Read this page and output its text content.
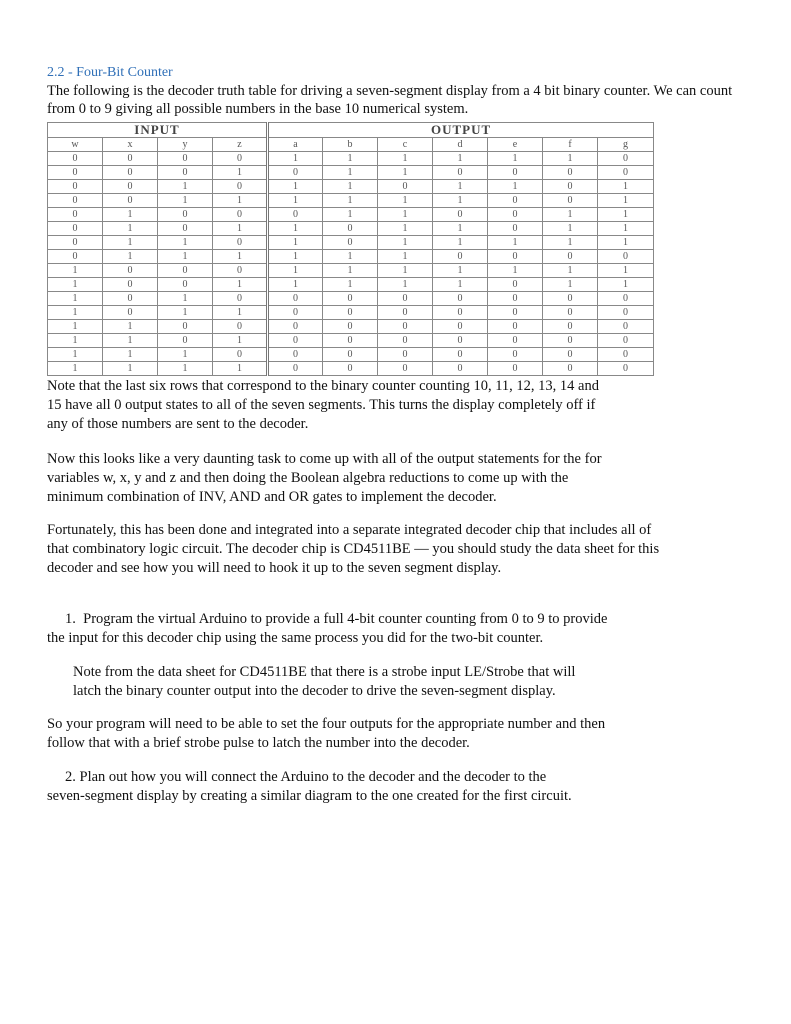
2.2 - Four-Bit Counter

The following is the decoder truth table for driving a seven-segment display from a 4 bit binary counter. We can count from 0 to 9 giving all possible numbers in the base 10 numerical system.

INPUT				OUTPUT						
w	x	y	z	a	b	c	d	e	f	g
0	0	0	0	1	1	1	1	1	1	0
0	0	0	1	0	1	1	0	0	0	0
0	0	1	0	1	1	0	1	1	0	1
0	0	1	1	1	1	1	1	0	0	1
0	1	0	0	0	1	1	0	0	1	1
0	1	0	1	1	0	1	1	0	1	1
0	1	1	0	1	0	1	1	1	1	1
0	1	1	1	1	1	1	0	0	0	0
1	0	0	0	1	1	1	1	1	1	1
1	0	0	1	1	1	1	1	0	1	1
1	0	1	0	0	0	0	0	0	0	0
1	0	1	1	0	0	0	0	0	0	0
1	1	0	0	0	0	0	0	0	0	0
1	1	0	1	0	0	0	0	0	0	0
1	1	1	0	0	0	0	0	0	0	0
1	1	1	1	0	0	0	0	0	0	0

Note that the last six rows that correspond to the binary counter counting 10, 11, 12, 13, 14 and 15 have all 0 output states to all of the seven segments. This turns the display completely off if any of those numbers are sent to the decoder.

Now this looks like a very daunting task to come up with all of the output statements for the for variables w, x, y and z and then doing the Boolean algebra reductions to come up with the minimum combination of INV, AND and OR gates to implement the decoder.

Fortunately, this has been done and integrated into a separate integrated decoder chip that includes all of that combinatory logic circuit. The decoder chip is CD4511BE — you should study the data sheet for this decoder and see how you will need to hook it up to the seven segment display.

1. Program the virtual Arduino to provide a full 4-bit counter counting from 0 to 9 to provide the input for this decoder chip using the same process you did for the two-bit counter.

Note from the data sheet for CD4511BE that there is a strobe input LE/Strobe that will latch the binary counter output into the decoder to drive the seven-segment display.

So your program will need to be able to set the four outputs for the appropriate number and then follow that with a brief strobe pulse to latch the number into the decoder.

2. Plan out how you will connect the Arduino to the decoder and the decoder to the seven-segment display by creating a similar diagram to the one created for the first circuit.
